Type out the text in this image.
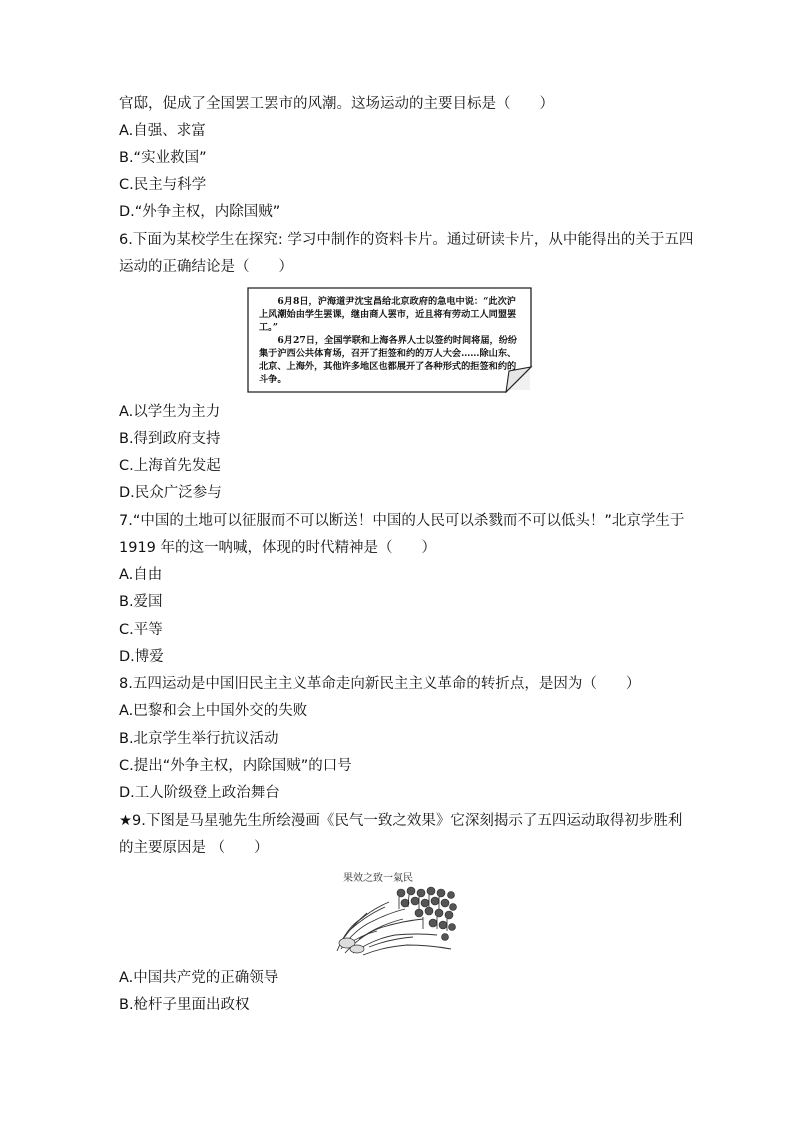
官邸，促成了全国罢工罢市的风潮。这场运动的主要目标是（　　）
A.自强、求富
B.“实业救国”
C.民主与科学
D.“外争主权，内除国贼”
6.下面为某校学生在探究: 学习中制作的资料卡片。通过研读卡片，从中能得出的关于五四
运动的正确结论是（　　）

6月8日，沪海道尹沈宝昌给北京政府的急电中说：“此次沪上风潮始由学生罢课，继由商人罢市，近且将有劳动工人同盟罢工。”

6月27日，全国学联和上海各界人士以签约时间将届，纷纷集于沪西公共体育场，召开了拒签和约的万人大会……除山东、北京、上海外，其他许多地区也都展开了各种形式的拒签和约的斗争。

A.以学生为主力
B.得到政府支持
C.上海首先发起
D.民众广泛参与
7.“中国的土地可以征服而不可以断送！中国的人民可以杀戮而不可以低头！”北京学生于
1919 年的这一呐喊，体现的时代精神是（　　）
A.自由
B.爱国
C.平等
D.博爱
8.五四运动是中国旧民主主义革命走向新民主主义革命的转折点，是因为（　　）
A.巴黎和会上中国外交的失败
B.北京学生举行抗议活动
C.提出“外争主权，内除国贼”的口号
D.工人阶级登上政治舞台
★9.下图是马星驰先生所绘漫画《民气一致之效果》它深刻揭示了五四运动取得初步胜利
的主要原因是 （　　）
果效之致一氣民
A.中国共产党的正确领导
B.枪杆子里面出政权
